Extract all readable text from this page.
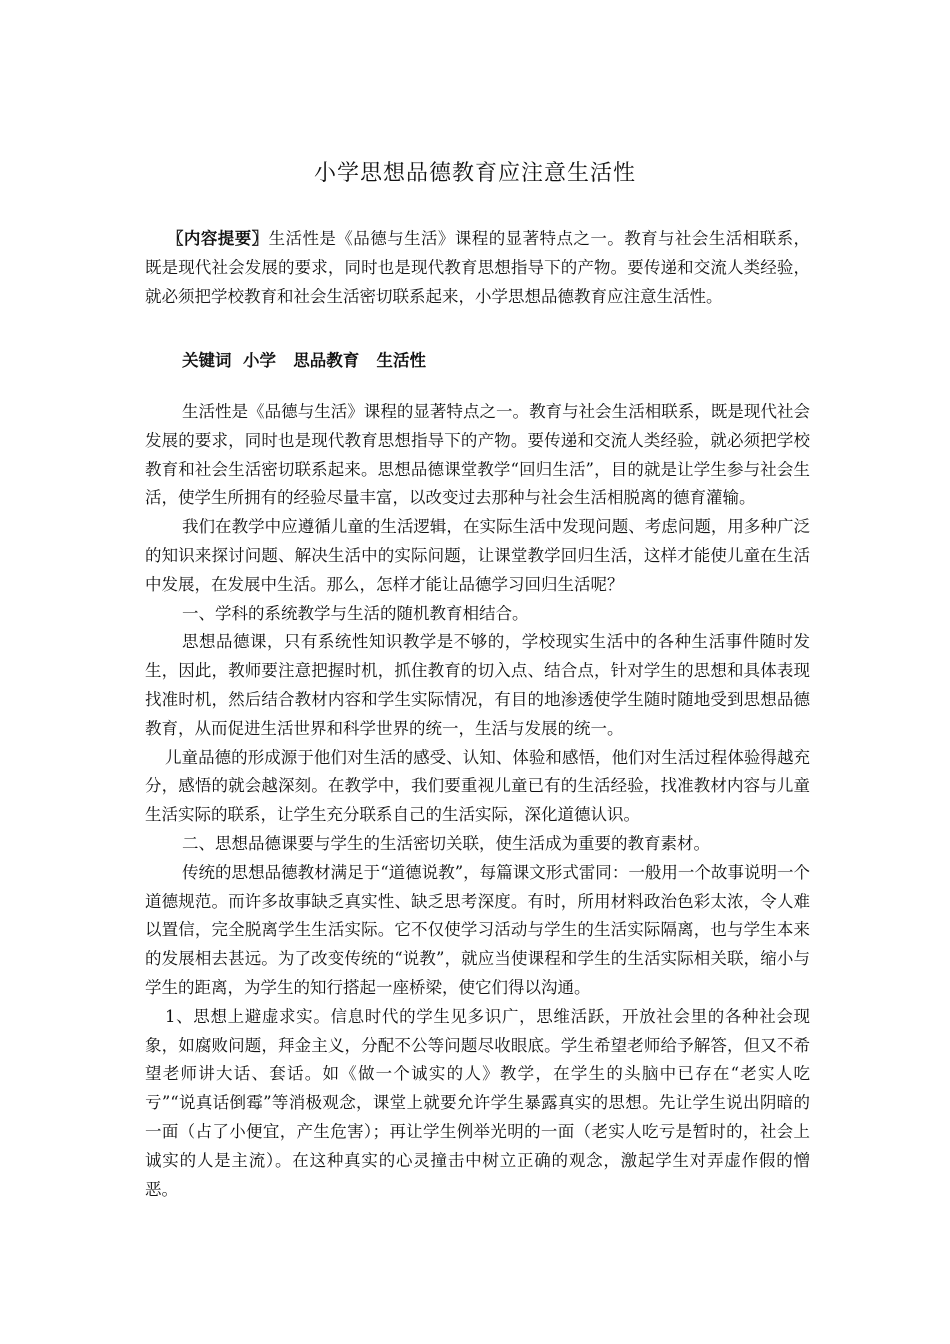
小学思想品德教育应注意生活性

〖内容提要〗生活性是《品德与生活》课程的显著特点之一。教育与社会生活相联系，既是现代社会发展的要求，同时也是现代教育思想指导下的产物。要传递和交流人类经验，就必须把学校教育和社会生活密切联系起来，小学思想品德教育应注意生活性。

关键词  小学   思品教育   生活性

生活性是《品德与生活》课程的显著特点之一。教育与社会生活相联系，既是现代社会发展的要求，同时也是现代教育思想指导下的产物。要传递和交流人类经验，就必须把学校教育和社会生活密切联系起来。思想品德课堂教学“回归生活”，目的就是让学生参与社会生活，使学生所拥有的经验尽量丰富，以改变过去那种与社会生活相脱离的德育灌输。

我们在教学中应遵循儿童的生活逻辑，在实际生活中发现问题、考虑问题，用多种广泛的知识来探讨问题、解决生活中的实际问题，让课堂教学回归生活，这样才能使儿童在生活中发展，在发展中生活。那么，怎样才能让品德学习回归生活呢？

一、学科的系统教学与生活的随机教育相结合。

思想品德课，只有系统性知识教学是不够的，学校现实生活中的各种生活事件随时发生，因此，教师要注意把握时机，抓住教育的切入点、结合点，针对学生的思想和具体表现找准时机，然后结合教材内容和学生实际情况，有目的地渗透使学生随时随地受到思想品德教育，从而促进生活世界和科学世界的统一，生活与发展的统一。

儿童品德的形成源于他们对生活的感受、认知、体验和感悟，他们对生活过程体验得越充分，感悟的就会越深刻。在教学中，我们要重视儿童已有的生活经验，找准教材内容与儿童生活实际的联系，让学生充分联系自己的生活实际，深化道德认识。

二、思想品德课要与学生的生活密切关联，使生活成为重要的教育素材。

传统的思想品德教材满足于“道德说教”，每篇课文形式雷同：一般用一个故事说明一个道德规范。而许多故事缺乏真实性、缺乏思考深度。有时，所用材料政治色彩太浓，令人难以置信，完全脱离学生生活实际。它不仅使学习活动与学生的生活实际隔离，也与学生本来的发展相去甚远。为了改变传统的“说教”，就应当使课程和学生的生活实际相关联，缩小与学生的距离，为学生的知行搭起一座桥梁，使它们得以沟通。

1、思想上避虚求实。信息时代的学生见多识广，思维活跃，开放社会里的各种社会现象，如腐败问题，拜金主义，分配不公等问题尽收眼底。学生希望老师给予解答，但又不希望老师讲大话、套话。如《做一个诚实的人》教学，在学生的头脑中已存在“老实人吃亏”“说真话倒霉”等消极观念，课堂上就要允许学生暴露真实的思想。先让学生说出阴暗的一面（占了小便宜，产生危害）；再让学生例举光明的一面（老实人吃亏是暂时的，社会上诚实的人是主流）。在这种真实的心灵撞击中树立正确的观念，激起学生对弄虚作假的憎恶。
